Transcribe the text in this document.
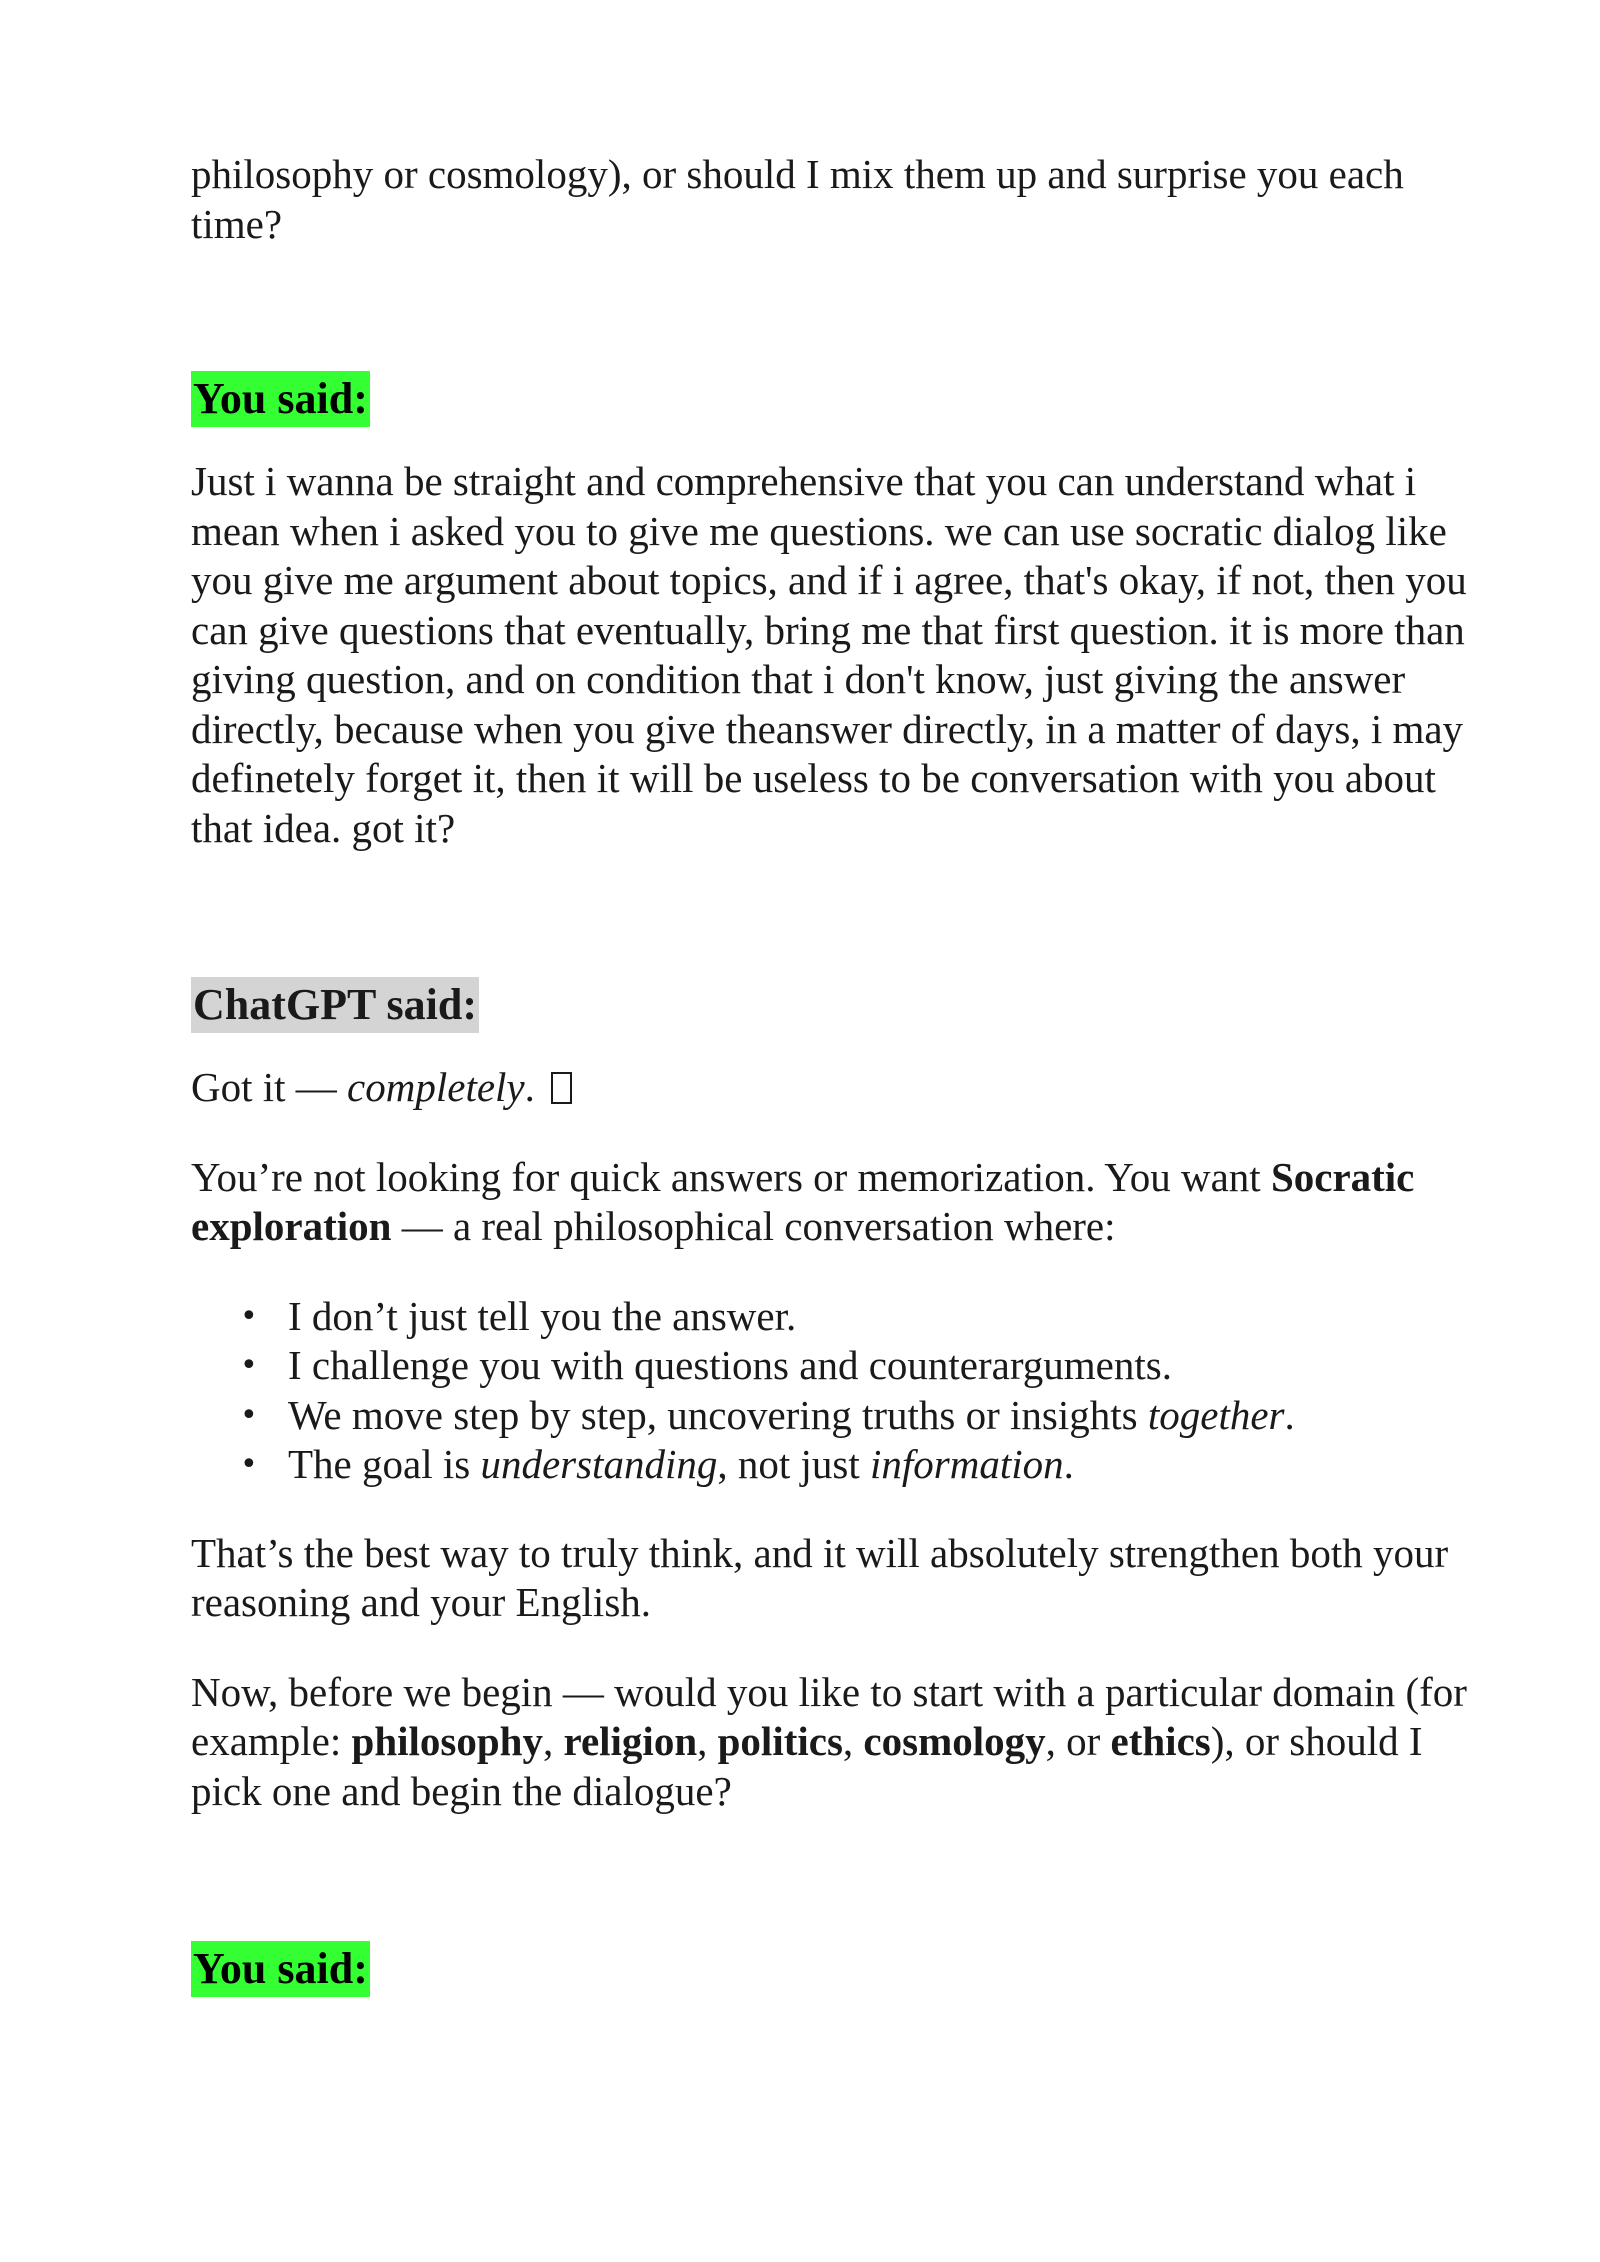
philosophy or cosmology), or should I mix them up and surprise you each time?

You said:

Just i wanna be straight and comprehensive that you can understand what i mean when i asked you to give me questions. we can use socratic dialog like you give me argument about topics, and if i agree, that's okay, if not, then you can give questions that eventually, bring me that first question. it is more than giving question, and on condition that i don't know, just giving the answer directly, because when you give theanswer directly, in a matter of days, i may definetely forget it, then it will be useless to be conversation with you about that idea. got it?

ChatGPT said:

Got it — completely.

You’re not looking for quick answers or memorization. You want Socratic exploration — a real philosophical conversation where:

• I don’t just tell you the answer.
• I challenge you with questions and counterarguments.
• We move step by step, uncovering truths or insights together.
• The goal is understanding, not just information.

That’s the best way to truly think, and it will absolutely strengthen both your reasoning and your English.

Now, before we begin — would you like to start with a particular domain (for example: philosophy, religion, politics, cosmology, or ethics), or should I pick one and begin the dialogue?

You said:
